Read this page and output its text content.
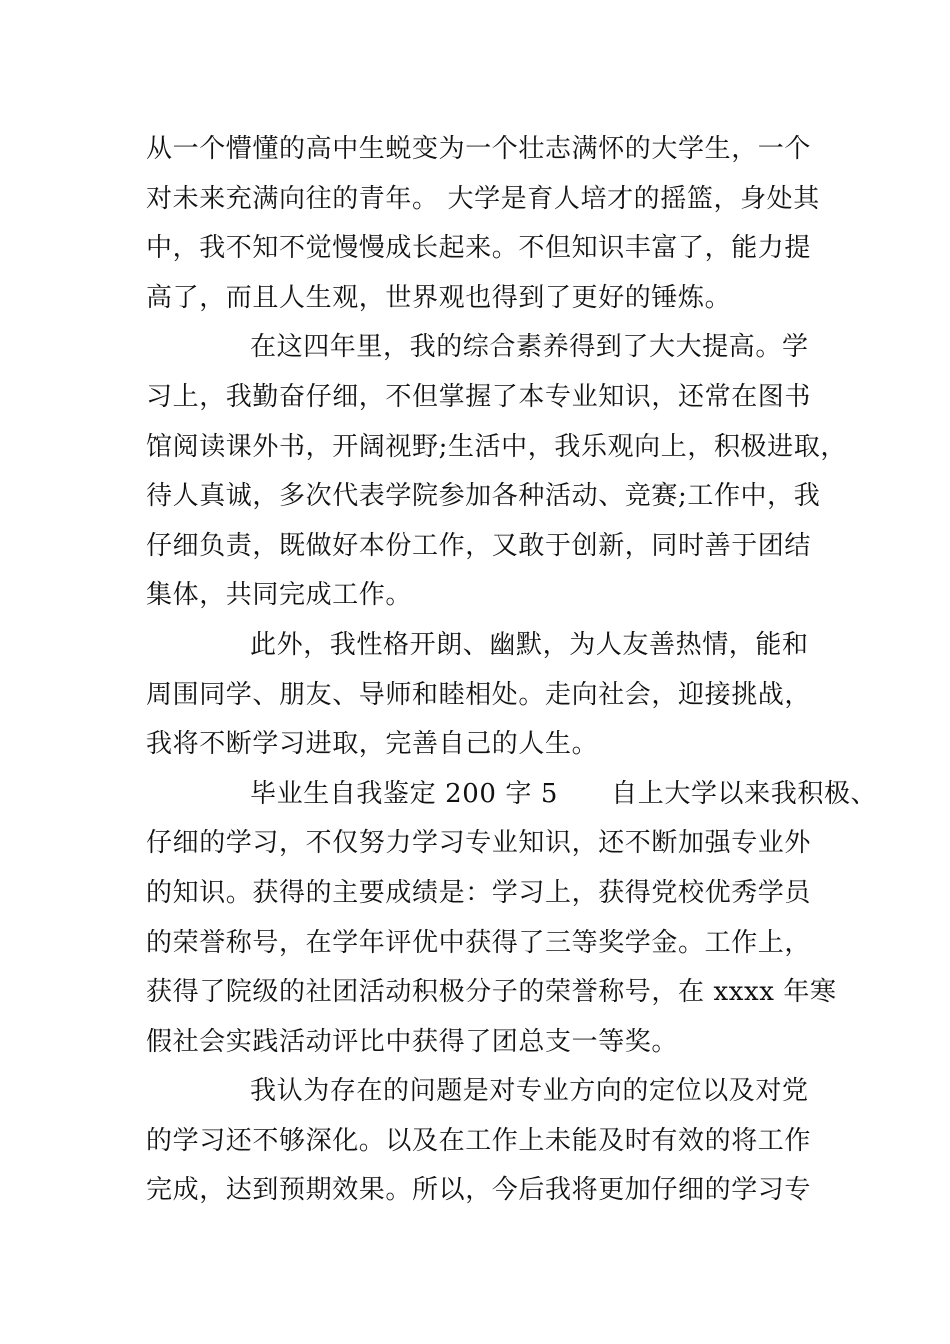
从一个懵懂的高中生蜕变为一个壮志满怀的大学生，一个
对未来充满向往的青年。 大学是育人培才的摇篮，身处其
中，我不知不觉慢慢成长起来。不但知识丰富了，能力提
高了，而且人生观，世界观也得到了更好的锤炼。
在这四年里，我的综合素养得到了大大提高。学
习上，我勤奋仔细，不但掌握了本专业知识，还常在图书
馆阅读课外书，开阔视野;生活中，我乐观向上，积极进取，
待人真诚，多次代表学院参加各种活动、竞赛;工作中，我
仔细负责，既做好本份工作，又敢于创新，同时善于团结
集体，共同完成工作。
此外，我性格开朗、幽默，为人友善热情，能和
周围同学、朋友、导师和睦相处。走向社会，迎接挑战，
我将不断学习进取，完善自己的人生。
毕业生自我鉴定 200 字 5　　自上大学以来我积极、
仔细的学习，不仅努力学习专业知识，还不断加强专业外
的知识。获得的主要成绩是：学习上，获得党校优秀学员
的荣誉称号，在学年评优中获得了三等奖学金。工作上，
获得了院级的社团活动积极分子的荣誉称号，在 xxxx 年寒
假社会实践活动评比中获得了团总支一等奖。
我认为存在的问题是对专业方向的定位以及对党
的学习还不够深化。以及在工作上未能及时有效的将工作
完成，达到预期效果。所以，今后我将更加仔细的学习专
